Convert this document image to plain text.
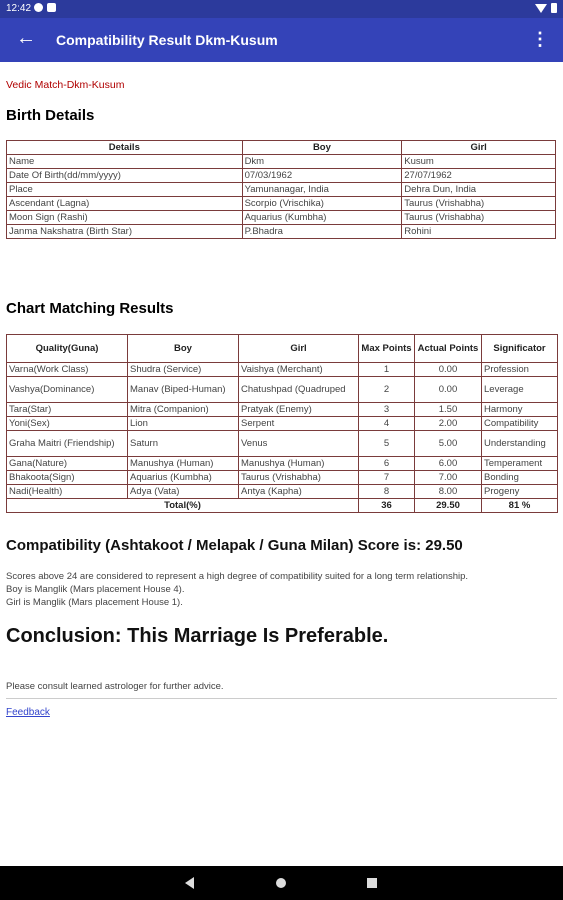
12:42
← Compatibility Result Dkm-Kusum	⋮
Vedic Match-Dkm-Kusum
Birth Details
Details	Boy	Girl
Name	Dkm	Kusum
Date Of Birth(dd/mm/yyyy)	07/03/1962	27/07/1962
Place	Yamunanagar, India	Dehra Dun, India
Ascendant (Lagna)	Scorpio (Vrischika)	Taurus (Vrishabha)
Moon Sign (Rashi)	Aquarius (Kumbha)	Taurus (Vrishabha)
Janma Nakshatra (Birth Star)	P.Bhadra	Rohini
Chart Matching Results
Quality(Guna)	Boy	Girl	Max Points	Actual Points	Significator
Varna(Work Class)	Shudra (Service)	Vaishya (Merchant)	1	0.00	Profession
Vashya(Dominance)	Manav (Biped-Human)	Chatushpad (Quadruped	2	0.00	Leverage
Tara(Star)	Mitra (Companion)	Pratyak (Enemy)	3	1.50	Harmony
Yoni(Sex)	Lion	Serpent	4	2.00	Compatibility
Graha Maitri (Friendship)	Saturn	Venus	5	5.00	Understanding
Gana(Nature)	Manushya (Human)	Manushya (Human)	6	6.00	Temperament
Bhakoota(Sign)	Aquarius (Kumbha)	Taurus (Vrishabha)	7	7.00	Bonding
Nadi(Health)	Adya (Vata)	Antya (Kapha)	8	8.00	Progeny
Total(%)			36	29.50	81 %
Compatibility (Ashtakoot / Melapak / Guna Milan) Score is: 29.50
Scores above 24 are considered to represent a high degree of compatibility suited for a long term relationship.
Boy is Manglik (Mars placement House 4).
Girl is Manglik (Mars placement House 1).
Conclusion: This Marriage Is Preferable.
Please consult learned astrologer for further advice.
Feedback
